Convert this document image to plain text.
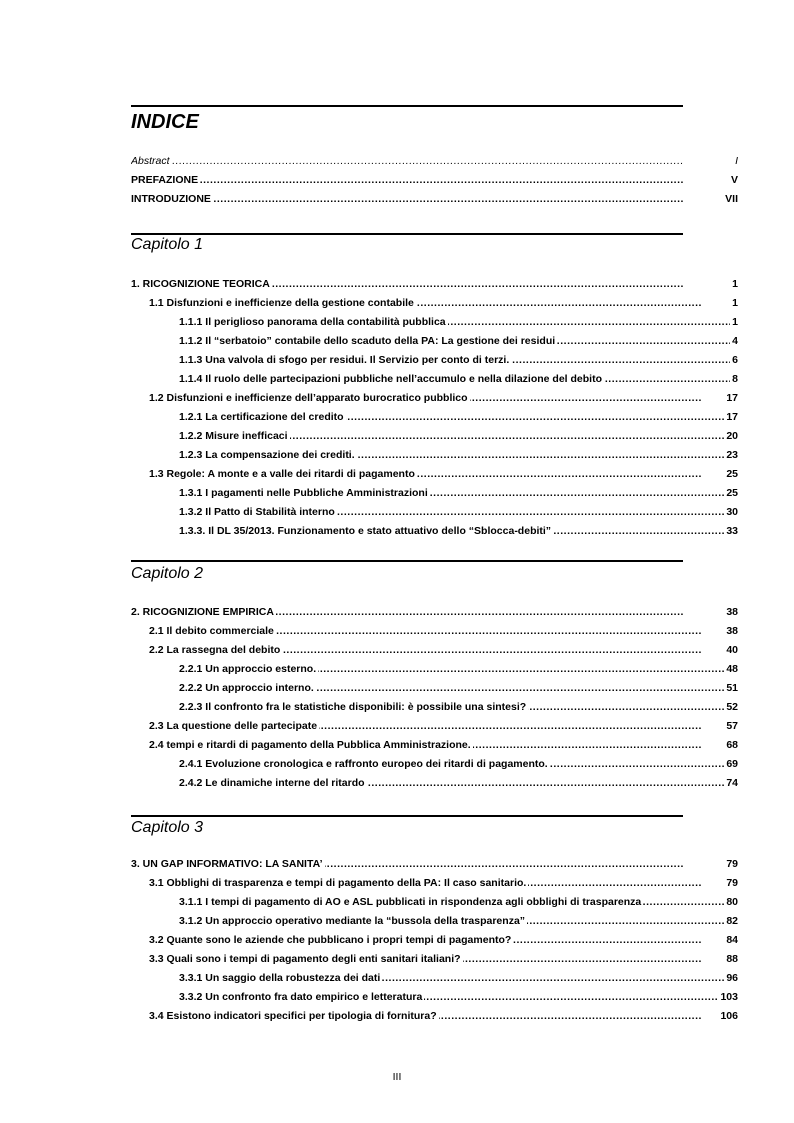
INDICE
. . .
Abstract	I
. . .
PREFAZIONE	V
. . .
INTRODUZIONE	VII
Capitolo 1
. . .
1. RICOGNIZIONE TEORICA	1
. . .
1.1 Disfunzioni e inefficienze della gestione contabile	1
. . .
1.1.1 Il periglioso panorama della contabilità pubblica	1
. . .
1.1.2 Il “serbatoio” contabile dello scaduto della PA: La gestione dei residui	4
. . .
1.1.3 Una valvola di sfogo per residui. Il Servizio per conto di terzi.	6
. . .
1.1.4 Il ruolo delle partecipazioni pubbliche nell’accumulo e nella dilazione del debito	8
. . .
1.2 Disfunzioni e inefficienze dell’apparato burocratico pubblico	17
. . .
1.2.1 La certificazione del credito	17
. . .
1.2.2 Misure inefficaci	20
. . .
1.2.3 La compensazione dei crediti.	23
. . .
1.3 Regole: A monte e a valle dei ritardi di pagamento	25
. . .
1.3.1 I pagamenti nelle Pubbliche Amministrazioni	25
. . .
1.3.2 Il Patto di Stabilità interno	30
. . .
1.3.3. Il DL 35/2013. Funzionamento e stato attuativo dello “Sblocca-debiti”	33
Capitolo 2
. . .
2. RICOGNIZIONE EMPIRICA	38
. . .
2.1 Il debito commerciale	38
. . .
2.2 La rassegna del debito	40
. . .
2.2.1 Un approccio esterno.	48
. . .
2.2.2 Un approccio interno.	51
. . .
2.2.3 Il confronto fra le statistiche disponibili: è possibile una sintesi?	52
. . .
2.3 La questione delle partecipate	57
. . .
2.4 tempi e ritardi di pagamento della Pubblica Amministrazione.	68
. . .
2.4.1 Evoluzione cronologica e raffronto europeo dei ritardi di pagamento.	69
. . .
2.4.2 Le dinamiche interne del ritardo	74
Capitolo 3
. . .
3. UN GAP INFORMATIVO: LA SANITA’	79
. . .
3.1 Obblighi di trasparenza e tempi di pagamento della PA: Il caso sanitario.	79
. . .
3.1.1 I tempi di pagamento di AO e ASL pubblicati in rispondenza agli obblighi di trasparenza	80
. . .
3.1.2 Un approccio operativo mediante la “bussola della trasparenza”	82
. . .
3.2 Quante sono le aziende che pubblicano i propri tempi di pagamento?	84
. . .
3.3 Quali sono i tempi di pagamento degli enti sanitari italiani?	88
. . .
3.3.1 Un saggio della robustezza dei dati	96
. . .
3.3.2 Un confronto fra dato empirico e letteratura	103
. . .
3.4 Esistono indicatori specifici per tipologia di fornitura?	106
III
